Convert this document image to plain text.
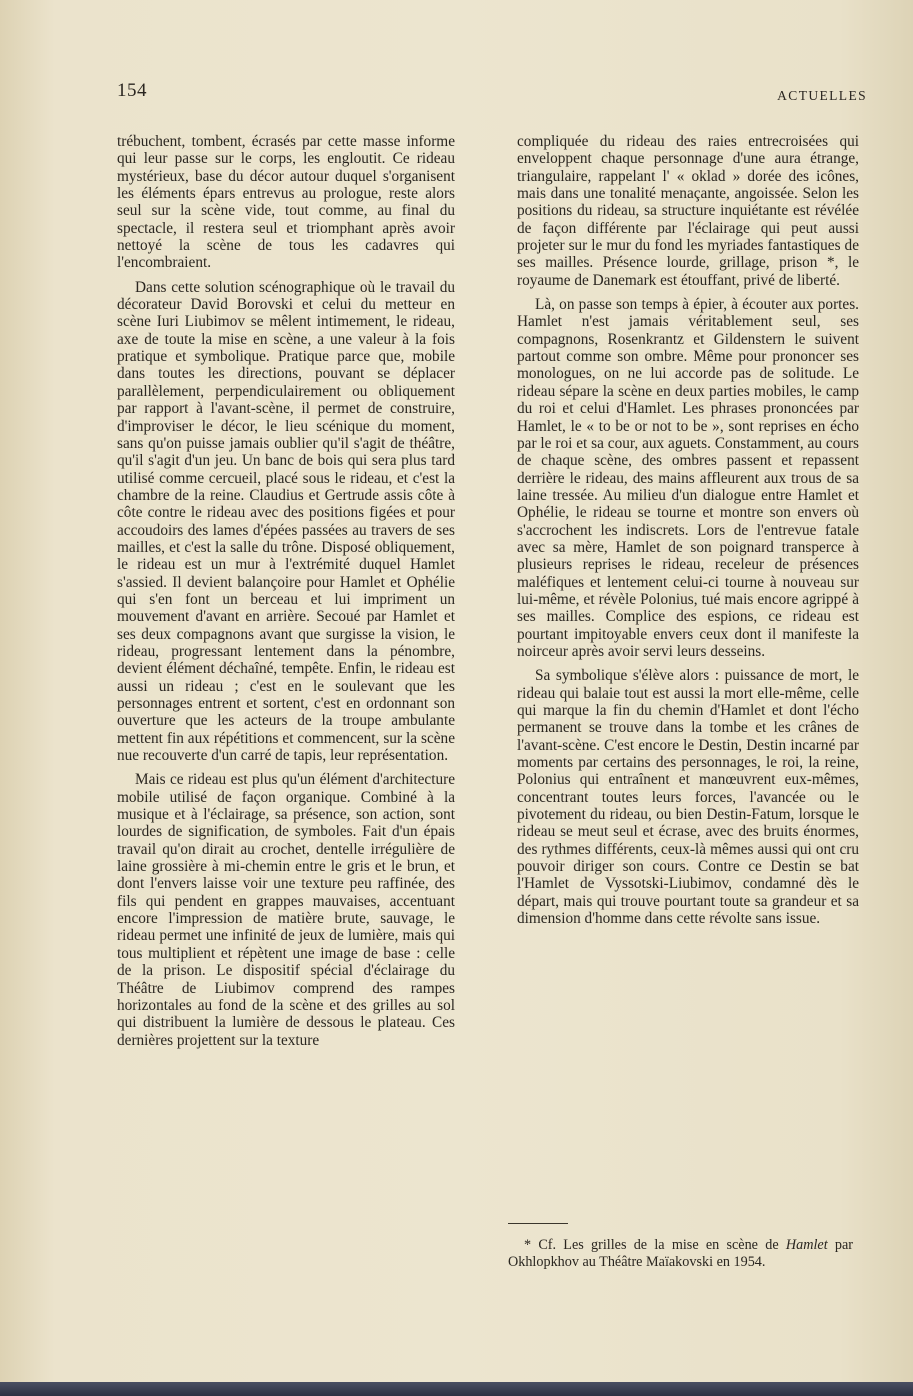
154	ACTUELLES

trébuchent, tombent, écrasés par cette masse informe qui leur passe sur le corps, les engloutit. Ce rideau mystérieux, base du décor autour duquel s'organisent les éléments épars entrevus au prologue, reste alors seul sur la scène vide, tout comme, au final du spectacle, il restera seul et triomphant après avoir nettoyé la scène de tous les cadavres qui l'encombraient.

Dans cette solution scénographique où le travail du décorateur David Borovski et celui du metteur en scène Iuri Liubimov se mêlent intimement, le rideau, axe de toute la mise en scène, a une valeur à la fois pratique et symbolique. Pratique parce que, mobile dans toutes les directions, pouvant se déplacer parallèlement, perpendiculairement ou obliquement par rapport à l'avant-scène, il permet de construire, d'improviser le décor, le lieu scénique du moment, sans qu'on puisse jamais oublier qu'il s'agit de théâtre, qu'il s'agit d'un jeu. Un banc de bois qui sera plus tard utilisé comme cercueil, placé sous le rideau, et c'est la chambre de la reine. Claudius et Gertrude assis côte à côte contre le rideau avec des positions figées et pour accoudoirs des lames d'épées passées au travers de ses mailles, et c'est la salle du trône. Disposé obliquement, le rideau est un mur à l'extrémité duquel Hamlet s'assied. Il devient balançoire pour Hamlet et Ophélie qui s'en font un berceau et lui impriment un mouvement d'avant en arrière. Secoué par Hamlet et ses deux compagnons avant que surgisse la vision, le rideau, progressant lentement dans la pénombre, devient élément déchaîné, tempête. Enfin, le rideau est aussi un rideau ; c'est en le soulevant que les personnages entrent et sortent, c'est en ordonnant son ouverture que les acteurs de la troupe ambulante mettent fin aux répétitions et commencent, sur la scène nue recouverte d'un carré de tapis, leur représentation.

Mais ce rideau est plus qu'un élément d'architecture mobile utilisé de façon organique. Combiné à la musique et à l'éclairage, sa présence, son action, sont lourdes de signification, de symboles. Fait d'un épais travail qu'on dirait au crochet, dentelle irrégulière de laine grossière à mi-chemin entre le gris et le brun, et dont l'envers laisse voir une texture peu raffinée, des fils qui pendent en grappes mauvaises, accentuant encore l'impression de matière brute, sauvage, le rideau permet une infinité de jeux de lumière, mais qui tous multiplient et répètent une image de base : celle de la prison. Le dispositif spécial d'éclairage du Théâtre de Liubimov comprend des rampes horizontales au fond de la scène et des grilles au sol qui distribuent la lumière de dessous le plateau. Ces dernières projettent sur la texture

compliquée du rideau des raies entrecroisées qui enveloppent chaque personnage d'une aura étrange, triangulaire, rappelant l' « oklad » dorée des icônes, mais dans une tonalité menaçante, angoissée. Selon les positions du rideau, sa structure inquiétante est révélée de façon différente par l'éclairage qui peut aussi projeter sur le mur du fond les myriades fantastiques de ses mailles. Présence lourde, grillage, prison *, le royaume de Danemark est étouffant, privé de liberté.

Là, on passe son temps à épier, à écouter aux portes. Hamlet n'est jamais véritablement seul, ses compagnons, Rosenkrantz et Gildenstern le suivent partout comme son ombre. Même pour prononcer ses monologues, on ne lui accorde pas de solitude. Le rideau sépare la scène en deux parties mobiles, le camp du roi et celui d'Hamlet. Les phrases prononcées par Hamlet, le « to be or not to be », sont reprises en écho par le roi et sa cour, aux aguets. Constamment, au cours de chaque scène, des ombres passent et repassent derrière le rideau, des mains affleurent aux trous de sa laine tressée. Au milieu d'un dialogue entre Hamlet et Ophélie, le rideau se tourne et montre son envers où s'accrochent les indiscrets. Lors de l'entrevue fatale avec sa mère, Hamlet de son poignard transperce à plusieurs reprises le rideau, receleur de présences maléfiques et lentement celui-ci tourne à nouveau sur lui-même, et révèle Polonius, tué mais encore agrippé à ses mailles. Complice des espions, ce rideau est pourtant impitoyable envers ceux dont il manifeste la noirceur après avoir servi leurs desseins.

Sa symbolique s'élève alors : puissance de mort, le rideau qui balaie tout est aussi la mort elle-même, celle qui marque la fin du chemin d'Hamlet et dont l'écho permanent se trouve dans la tombe et les crânes de l'avant-scène. C'est encore le Destin, Destin incarné par moments par certains des personnages, le roi, la reine, Polonius qui entraînent et manœuvrent eux-mêmes, concentrant toutes leurs forces, l'avancée ou le pivotement du rideau, ou bien Destin-Fatum, lorsque le rideau se meut seul et écrase, avec des bruits énormes, des rythmes différents, ceux-là mêmes aussi qui ont cru pouvoir diriger son cours. Contre ce Destin se bat l'Hamlet de Vyssotski-Liubimov, condamné dès le départ, mais qui trouve pourtant toute sa grandeur et sa dimension d'homme dans cette révolte sans issue.

* Cf. Les grilles de la mise en scène de Hamlet par Okhlopkhov au Théâtre Maïakovski en 1954.
